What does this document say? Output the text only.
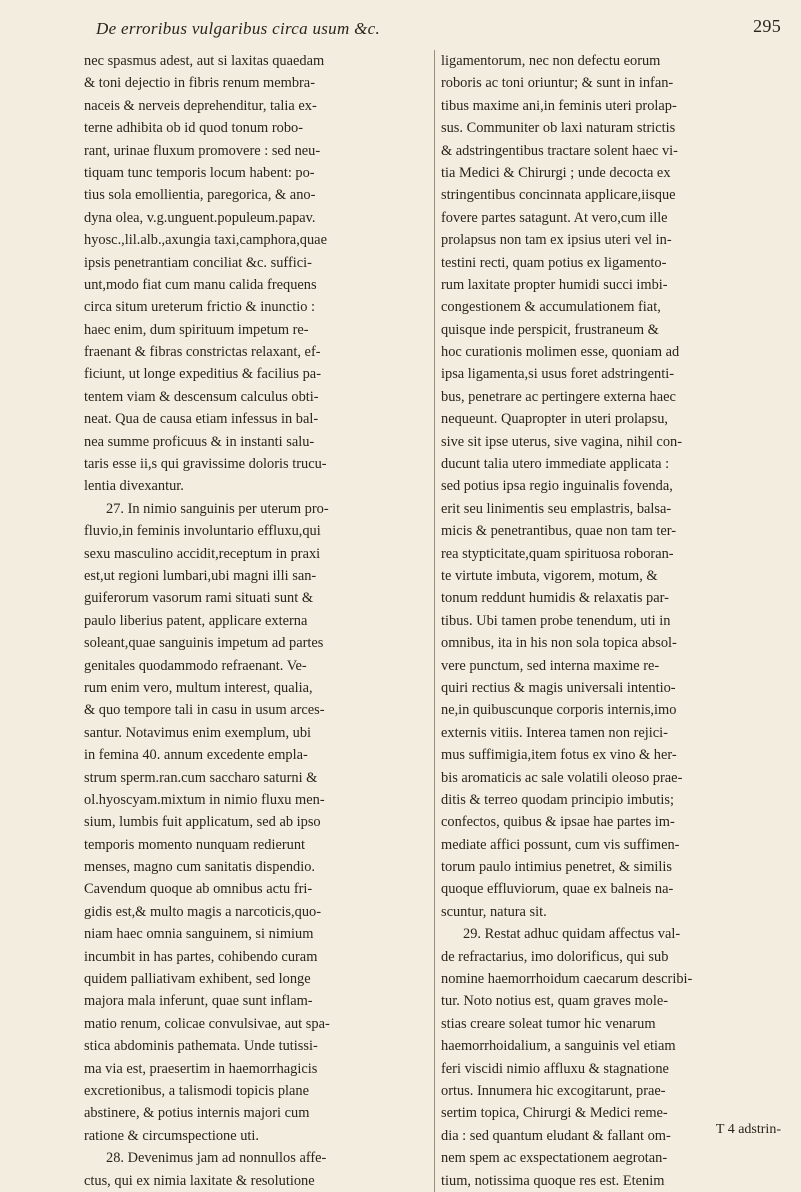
De erroribus vulgaribus circa usum &c.	295
nec spasmus adest, aut si laxitas quaedam
& toni dejectio in fibris renum membra-
naceis & nerveis deprehenditur, talia ex-
terne adhibita ob id quod tonum robo-
rant, urinae fluxum promovere : sed neu-
tiquam tunc temporis locum habent: po-
tius sola emollientia, paregorica, & ano-
dyna olea, v.g.unguent.populeum.papav.
hyosc.,lil.alb.,axungia taxi,camphora,quae
ipsis penetrantiam conciliat &c. suffici-
unt,modo fiat cum manu calida frequens
circa situm ureterum frictio & inunctio :
haec enim, dum spirituum impetum re-
fraenant & fibras constrictas relaxant, ef-
ficiunt, ut longe expeditius & facilius pa-
tentem viam & descensum calculus obti-
neat. Qua de causa etiam infessus in bal-
nea summe proficuus & in instanti salu-
taris esse ii,s qui gravissime doloris trucu-
lentia divexantur.
27. In nimio sanguinis per uterum pro-
fluvio,in feminis involuntario effluxu,qui
sexu masculino accidit,receptum in praxi
est,ut regioni lumbari,ubi magni illi san-
guiferorum vasorum rami situati sunt &
paulo liberius patent, applicare externa
soleant,quae sanguinis impetum ad partes
genitales quodammodo refraenant. Ve-
rum enim vero, multum interest, qualia,
& quo tempore tali in casu in usum arces-
santur. Notavimus enim exemplum, ubi
in femina 40. annum excedente empla-
strum sperm.ran.cum saccharo saturni &
ol.hyoscyam.mixtum in nimio fluxu men-
sium, lumbis fuit applicatum, sed ab ipso
temporis momento nunquam redierunt
menses, magno cum sanitatis dispendio.
Cavendum quoque ab omnibus actu fri-
gidis est,& multo magis a narcoticis,quo-
niam haec omnia sanguinem, si nimium
incumbit in has partes, cohibendo curam
quidem palliativam exhibent, sed longe
majora mala inferunt, quae sunt inflam-
matio renum, colicae convulsivae, aut spa-
stica abdominis pathemata. Unde tutissi-
ma via est, praesertim in haemorrhagicis
excretionibus, a talismodi topicis plane
abstinere, & potius internis majori cum
ratione & circumspectione uti.
28. Devenimus jam ad nonnullos affe-
ctus, qui ex nimia laxitate & resolutione
ligamentorum, nec non defectu eorum
roboris ac toni oriuntur; & sunt in infan-
tibus maxime ani,in feminis uteri prolap-
sus. Communiter ob laxi naturam strictis
& adstringentibus tractare solent haec vi-
tia Medici & Chirurgi ; unde decocta ex
stringentibus concinnata applicare,iisque
fovere partes satagunt. At vero,cum ille
prolapsus non tam ex ipsius uteri vel in-
testini recti, quam potius ex ligamento-
rum laxitate propter humidi succi imbi-
congestionem & accumulationem fiat,
quisque inde perspicit, frustraneum &
hoc curationis molimen esse, quoniam ad
ipsa ligamenta,si usus foret adstringenti-
bus, penetrare ac pertingere externa haec
nequeunt. Quapropter in uteri prolapsu,
sive sit ipse uterus, sive vagina, nihil con-
ducunt talia utero immediate applicata :
sed potius ipsa regio inguinalis fovenda,
erit seu linimentis seu emplastris, balsa-
micis & penetrantibus, quae non tam ter-
rea stypticitate,quam spirituosa roboran-
te virtute imbuta, vigorem, motum, &
tonum reddunt humidis & relaxatis par-
tibus. Ubi tamen probe tenendum, uti in
omnibus, ita in his non sola topica absol-
vere punctum, sed interna maxime re-
quiri rectius & magis universali intentio-
ne,in quibuscunque corporis internis,imo
externis vitiis. Interea tamen non rejici-
mus suffimigia,item fotus ex vino & her-
bis aromaticis ac sale volatili oleoso prae-
ditis & terreo quodam principio imbutis;
confectos, quibus & ipsae hae partes im-
mediate affici possunt, cum vis suffimen-
torum paulo intimius penetret, & similis
quoque effluviorum, quae ex balneis na-
scuntur, natura sit.
29. Restat adhuc quidam affectus val-
de refractarius, imo dolorificus, qui sub
nomine haemorrhoidum caecarum describi-
tur. Noto notius est, quam graves mole-
stias creare soleat tumor hic venarum
haemorrhoidalium, a sanguinis vel etiam
feri viscidi nimio affluxu & stagnatione
ortus. Innumera hic excogitarunt, prae-
sertim topica, Chirurgi & Medici reme-
dia : sed quantum eludant & fallant om-
nem spem ac exspectationem aegrotan-
tium, notissima quoque res est. Etenim
T 4 adstrin-
